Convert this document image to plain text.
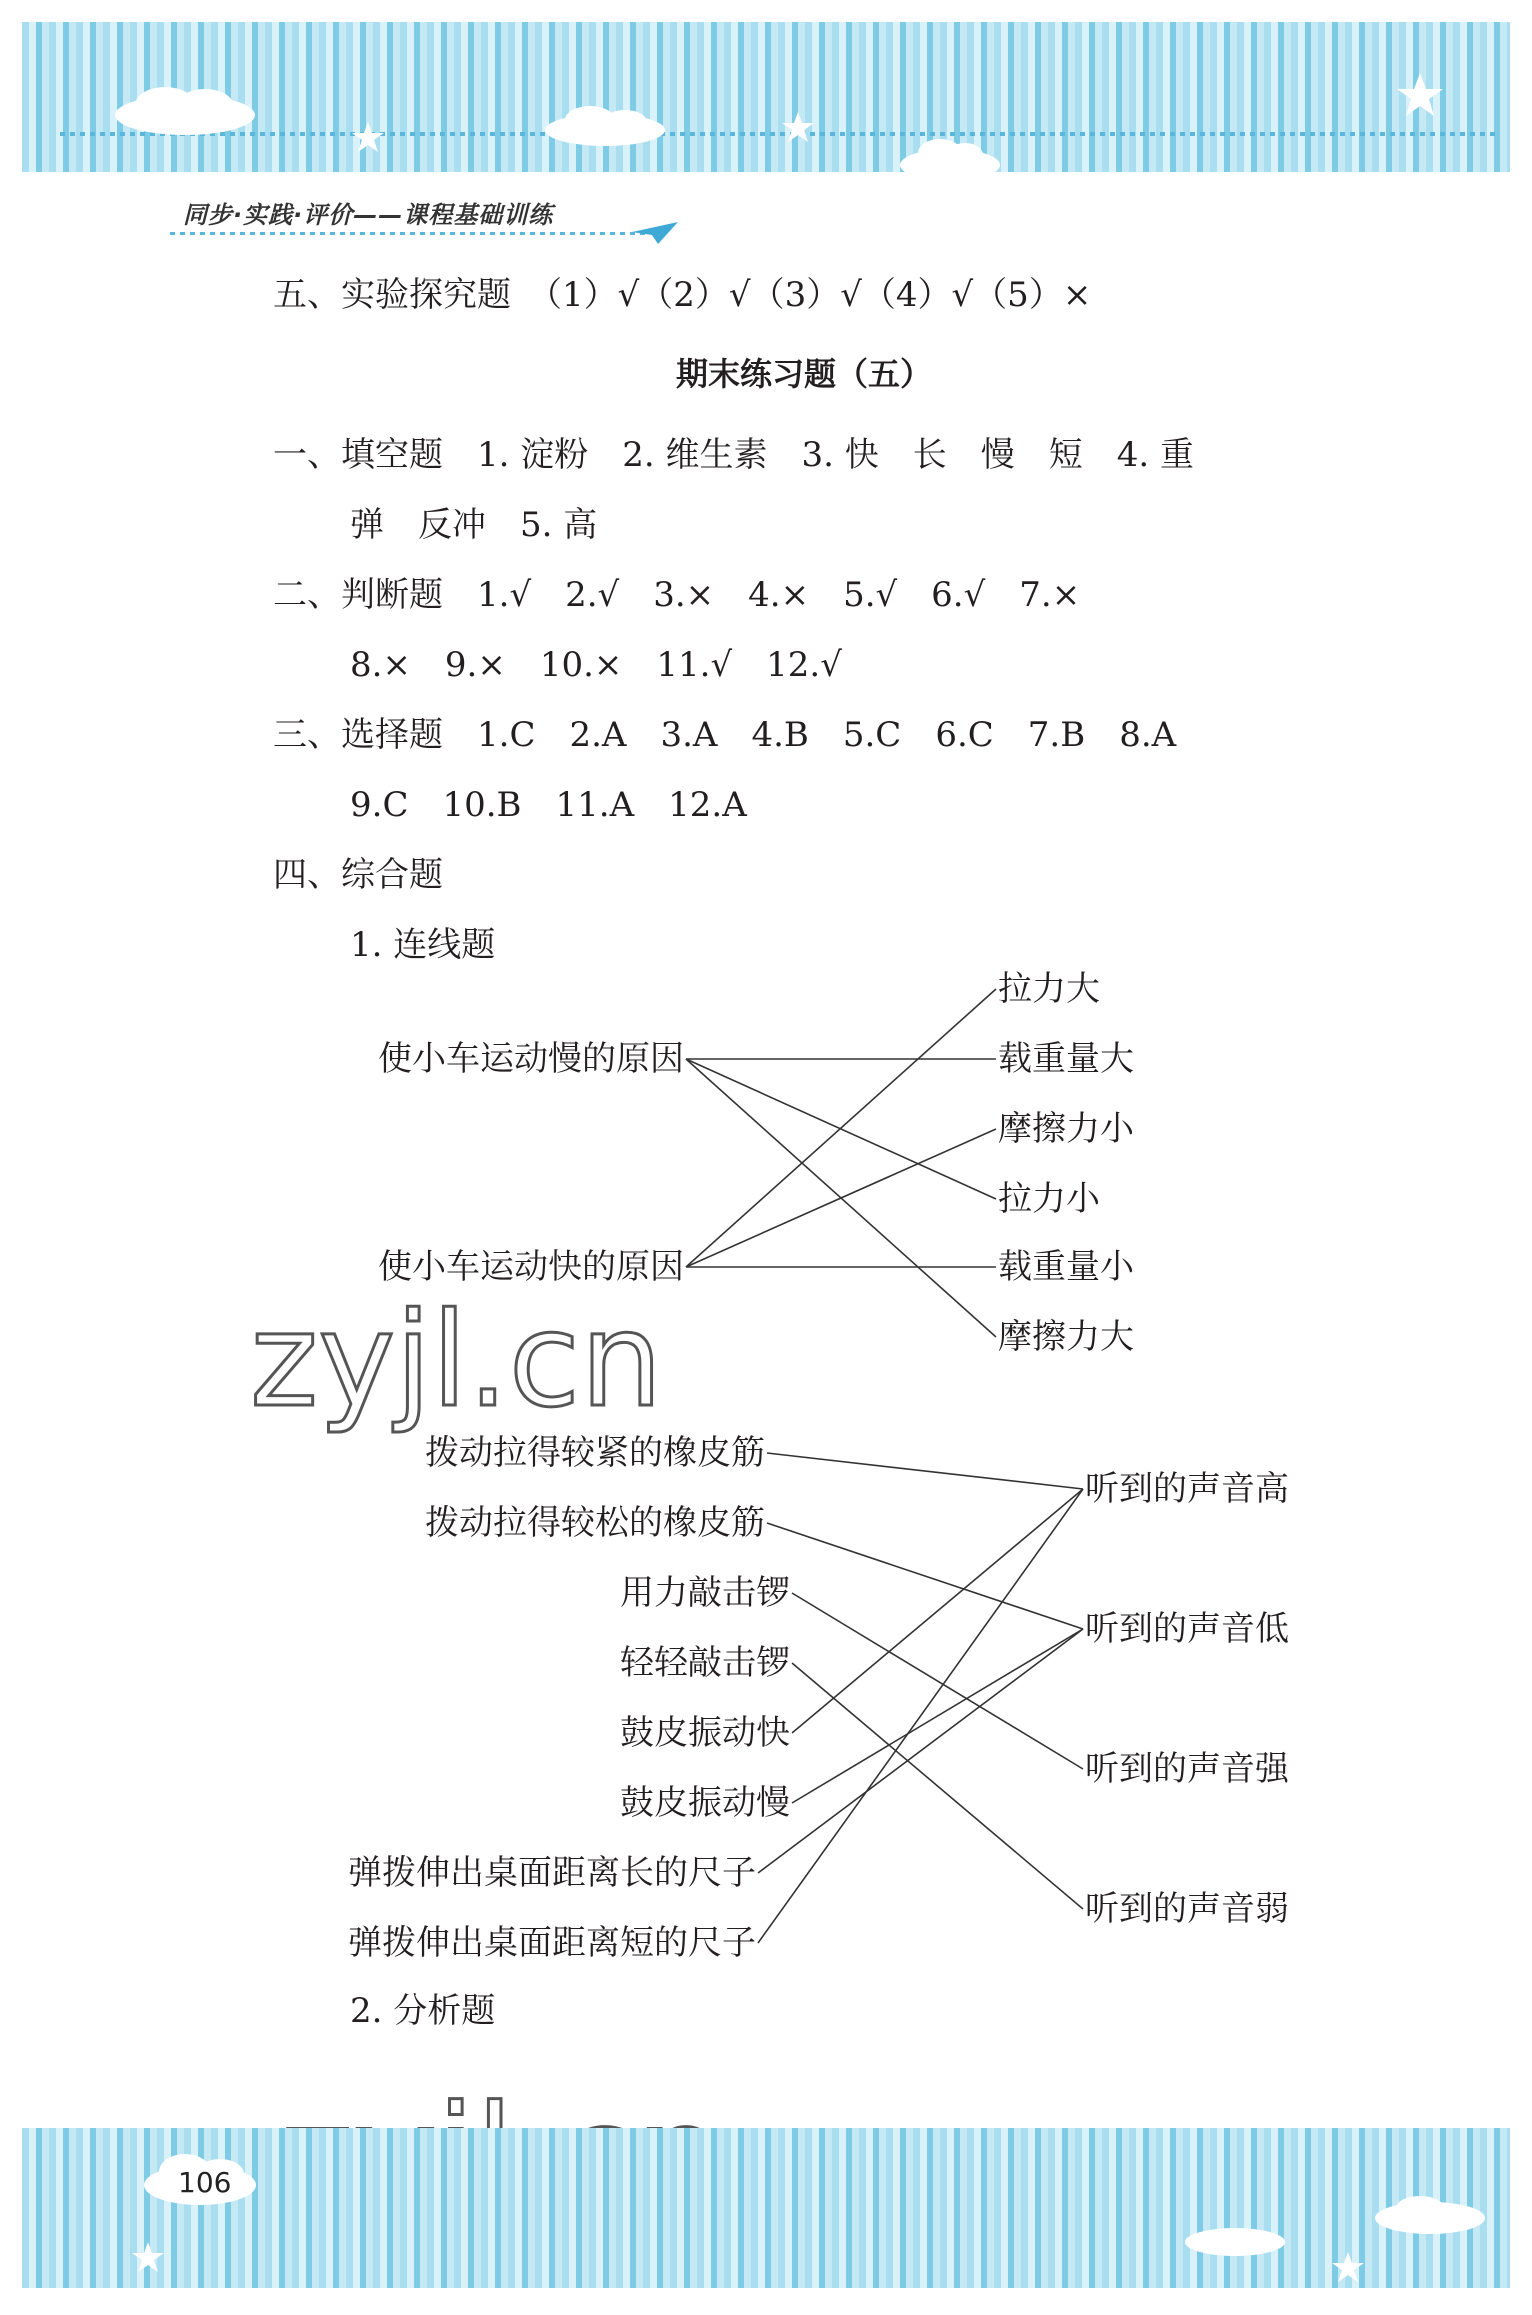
同步·实践·评价——课程基础训练
五、实验探究题　（1）√（2）√（3）√（4）√（5）×
期末练习题（五）
一、填空题　1. 淀粉　2. 维生素　3. 快　长　慢　短　4. 重
弹　反冲　5. 高
二、判断题　1.√　2.√　3.×　4.×　5.√　6.√　7.×
8.×　9.×　10.×　11.√　12.√
三、选择题　1.C　2.A　3.A　4.B　5.C　6.C　7.B　8.A
9.C　10.B　11.A　12.A
四、综合题
1. 连线题
2. 分析题
使小车运动慢的原因
使小车运动快的原因
拉力大
载重量大
摩擦力小
拉力小
载重量小
摩擦力大
拨动拉得较紧的橡皮筋
拨动拉得较松的橡皮筋
用力敲击锣
轻轻敲击锣
鼓皮振动快
鼓皮振动慢
弹拨伸出桌面距离长的尺子
弹拨伸出桌面距离短的尺子
听到的声音高
听到的声音低
听到的声音强
听到的声音弱
zyjl.cn
106
